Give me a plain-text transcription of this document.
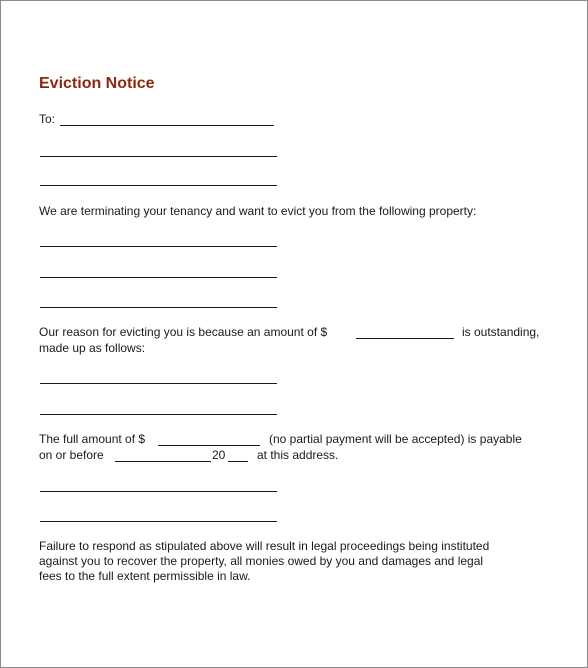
Eviction Notice
To:
We are terminating your tenancy and want to evict you from the following property:
Our reason for evicting you is because an amount of $	is outstanding,
made up as follows:
The full amount of $	(no partial payment will be accepted) is payable
on or before	20	at this address.
Failure to respond as stipulated above will result in legal proceedings being instituted
against you to recover the property, all monies owed by you and damages and legal
fees to the full extent permissible in law.
